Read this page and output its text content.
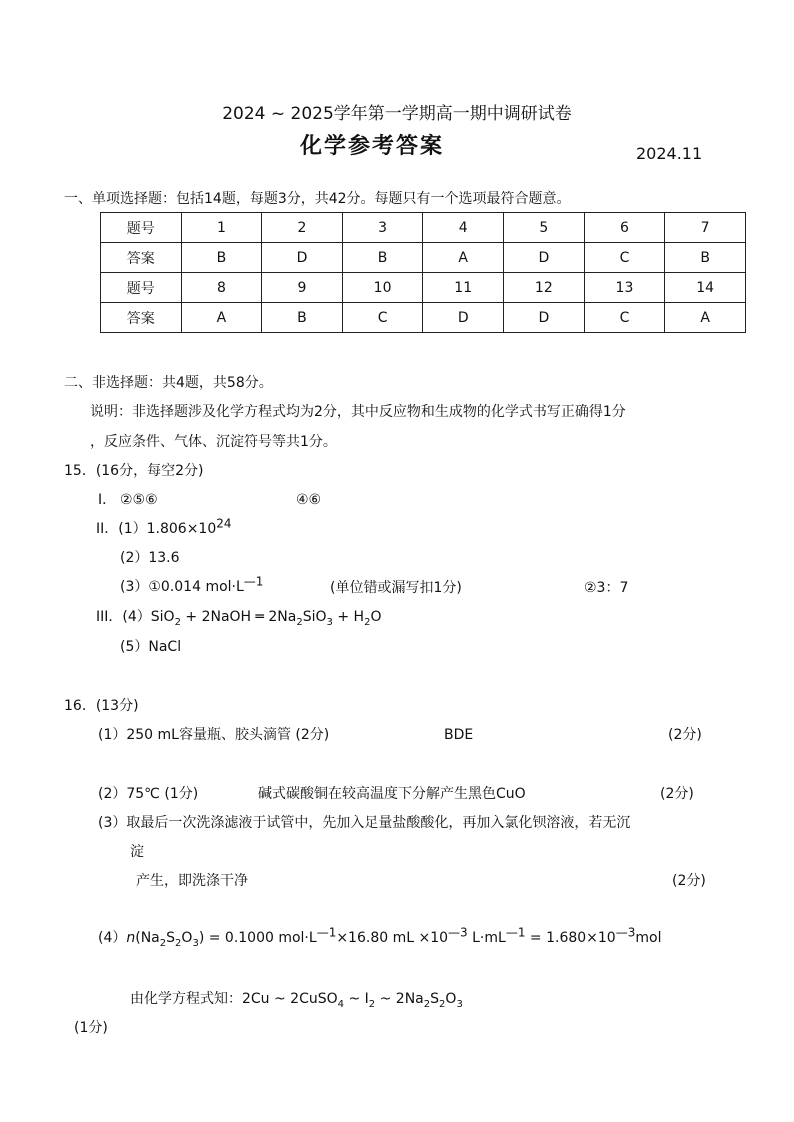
2024 ~ 2025学年第一学期高一期中调研试卷
化学参考答案	2024.11
一、单项选择题：包括14题，每题3分，共42分。每题只有一个选项最符合题意。
题号	1	2	3	4	5	6	7
答案	B	D	B	A	D	C	B
题号	8	9	10	11	12	13	14
答案	A	B	C	D	D	C	A
二、非选择题：共4题，共58分。
说明：非选择题涉及化学方程式均为2分，其中反应物和生成物的化学式书写正确得1分
，反应条件、气体、沉淀符号等共1分。
15．(16分，每空2分)
I． ②⑤⑥	④⑥
II．$(1)1.806\times 10^{24}$
(2）13.6
(3）①0.014 $mol\cdot L^{—1}$	(单位错或漏写扣1分)	②3：7
III．(4）SiO$_2$ + 2NaOH ═ $2Na_2SiO_3 + H_2O$
(5）NaCl
16．(13分)
(1）250 mL容量瓶、胶头滴管 (2分)	BDE	(2分)
(2）75℃ (1分)	碱式碳酸铜在较高温度下分解产生黑色CuO	(2分)
(3）取最后一次洗涤滤液于试管中，先加入足量盐酸酸化，再加入氯化钡溶液，若无沉
淀
产生，即洗涤干净	(2分)
$(4)n(Na_2S_2O_3) = 0.1000$ $mol\cdot L^{—1}\times 16.80$ mL $\times 10^{—3}$ $L\cdot mL^{—1} = 1.680\times 10^{—3}mol$
由化学方程式知：2Cu ~ 2CuSO$_4$ ~ $I_2$ ~ $2Na_2S_2O_3$
(1分)
